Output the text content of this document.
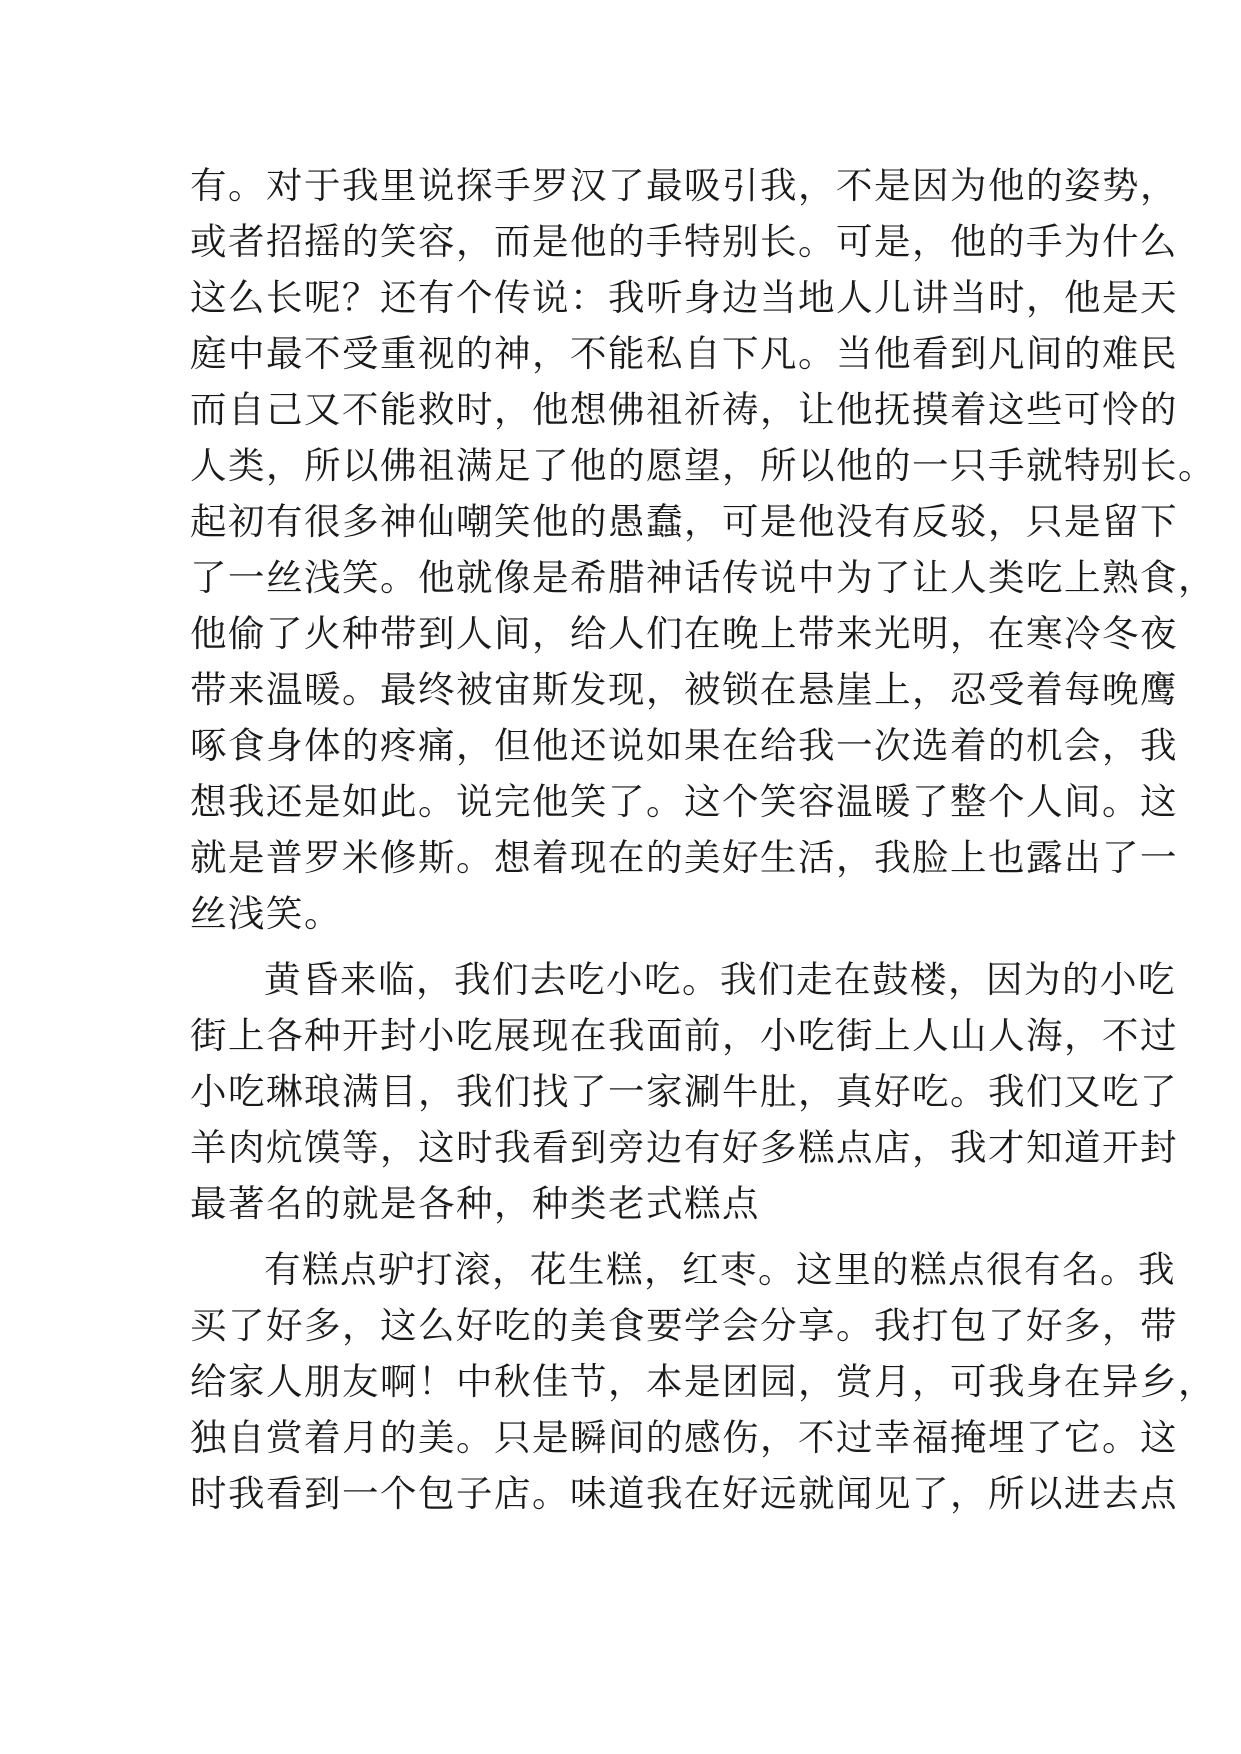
有。对于我里说探手罗汉了最吸引我，不是因为他的姿势，
或者招摇的笑容，而是他的手特别长。可是，他的手为什么
这么长呢？还有个传说：我听身边当地人儿讲当时，他是天
庭中最不受重视的神，不能私自下凡。当他看到凡间的难民
而自己又不能救时，他想佛祖祈祷，让他抚摸着这些可怜的
人类，所以佛祖满足了他的愿望，所以他的一只手就特别长。
起初有很多神仙嘲笑他的愚蠢，可是他没有反驳，只是留下
了一丝浅笑。他就像是希腊神话传说中为了让人类吃上熟食，
他偷了火种带到人间，给人们在晚上带来光明，在寒冷冬夜
带来温暖。最终被宙斯发现，被锁在悬崖上，忍受着每晚鹰
啄食身体的疼痛，但他还说如果在给我一次选着的机会，我
想我还是如此。说完他笑了。这个笑容温暖了整个人间。这
就是普罗米修斯。想着现在的美好生活，我脸上也露出了一
丝浅笑。

黄昏来临，我们去吃小吃。我们走在鼓楼，因为的小吃
街上各种开封小吃展现在我面前，小吃街上人山人海，不过
小吃琳琅满目，我们找了一家涮牛肚，真好吃。我们又吃了
羊肉炕馍等，这时我看到旁边有好多糕点店，我才知道开封
最著名的就是各种，种类老式糕点

有糕点驴打滚，花生糕，红枣。这里的糕点很有名。我
买了好多，这么好吃的美食要学会分享。我打包了好多，带
给家人朋友啊！中秋佳节，本是团园，赏月，可我身在异乡，
独自赏着月的美。只是瞬间的感伤，不过幸福掩埋了它。这
时我看到一个包子店。味道我在好远就闻见了，所以进去点
